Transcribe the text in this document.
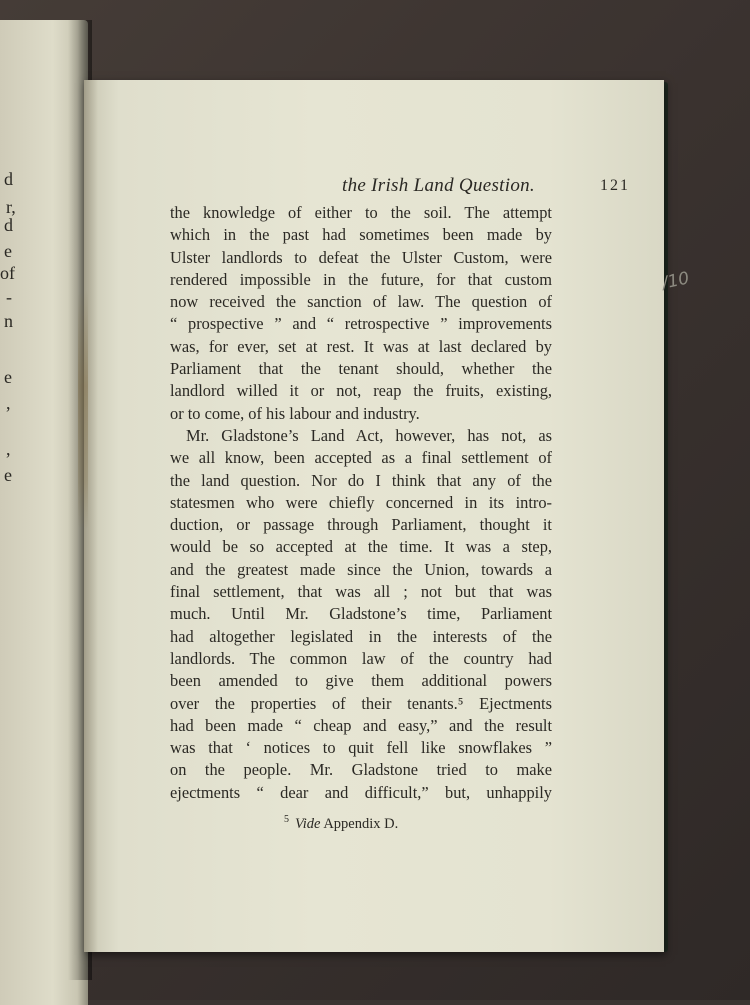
d
r,
d
e
of
-
n
e
,
,
e
the Irish Land Question.	121
/10
the knowledge of either to the soil. The attempt
which in the past had sometimes been made by
Ulster landlords to defeat the Ulster Custom, were
rendered impossible in the future, for that custom
now received the sanction of law. The question of
“ prospective ” and “ retrospective ” improvements
was, for ever, set at rest. It was at last declared by
Parliament that the tenant should, whether the
landlord willed it or not, reap the fruits, existing,
or to come, of his labour and industry.
Mr. Gladstone’s Land Act, however, has not, as
we all know, been accepted as a final settlement of
the land question. Nor do I think that any of the
statesmen who were chiefly concerned in its intro-
duction, or passage through Parliament, thought it
would be so accepted at the time. It was a step,
and the greatest made since the Union, towards a
final settlement, that was all ; not but that was
much. Until Mr. Gladstone’s time, Parliament
had altogether legislated in the interests of the
landlords. The common law of the country had
been amended to give them additional powers
over the properties of their tenants.⁵ Ejectments
had been made “ cheap and easy,” and the result
was that ‘ notices to quit fell like snowflakes ”
on the people. Mr. Gladstone tried to make
ejectments “ dear and difficult,” but, unhappily
$^5$ Vide Appendix D.
